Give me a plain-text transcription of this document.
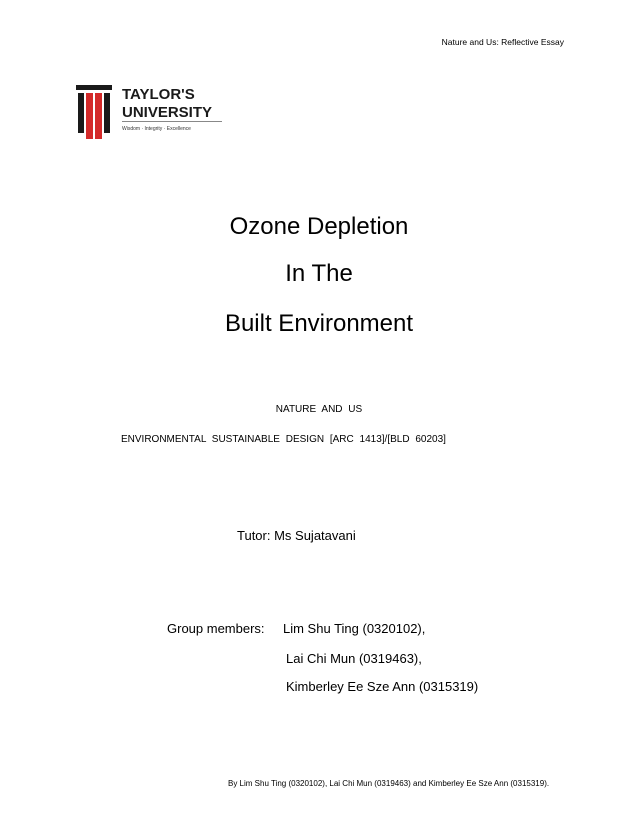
Nature and Us: Reflective Essay
TAYLOR'S
UNIVERSITY
Wisdom · Integrity · Excellence
Ozone Depletion
In The
Built Environment
NATURE AND US
ENVIRONMENTAL SUSTAINABLE DESIGN [ARC 1413]/[BLD 60203]
Tutor: Ms Sujatavani
Group members: Lim Shu Ting (0320102),
Lai Chi Mun (0319463),
Kimberley Ee Sze Ann (0315319)
By Lim Shu Ting (0320102), Lai Chi Mun (0319463) and Kimberley Ee Sze Ann (0315319).
